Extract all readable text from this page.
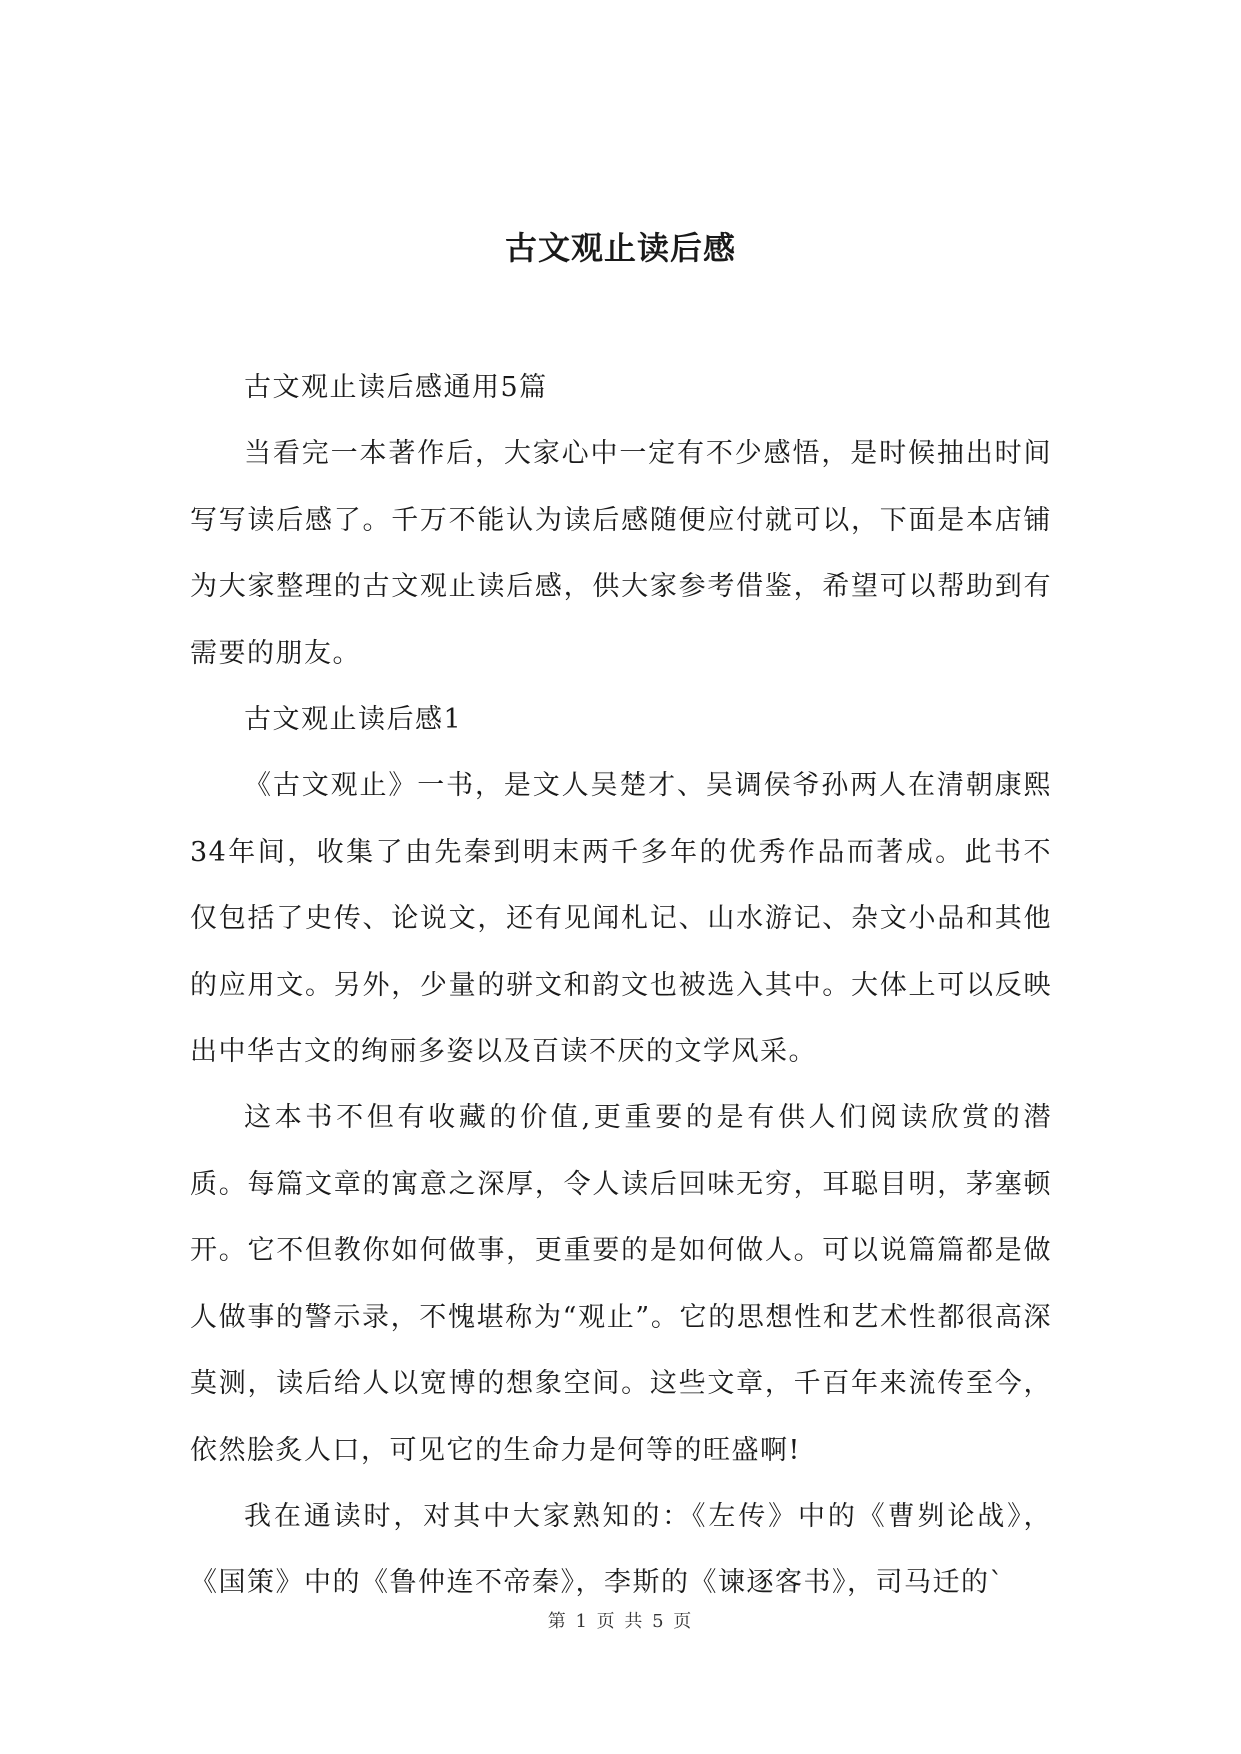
古文观止读后感

古文观止读后感通用5篇

当看完一本著作后，大家心中一定有不少感悟，是时候抽出时间写写读后感了。千万不能认为读后感随便应付就可以，下面是本店铺为大家整理的古文观止读后感，供大家参考借鉴，希望可以帮助到有需要的朋友。

古文观止读后感1

《古文观止》一书，是文人吴楚才、吴调侯爷孙两人在清朝康熙34年间，收集了由先秦到明末两千多年的优秀作品而著成。此书不仅包括了史传、论说文，还有见闻札记、山水游记、杂文小品和其他的应用文。另外，少量的骈文和韵文也被选入其中。大体上可以反映出中华古文的绚丽多姿以及百读不厌的文学风采。

这本书不但有收藏的价值,更重要的是有供人们阅读欣赏的潜质。每篇文章的寓意之深厚，令人读后回味无穷，耳聪目明，茅塞顿开。它不但教你如何做事，更重要的是如何做人。可以说篇篇都是做人做事的警示录，不愧堪称为“观止”。它的思想性和艺术性都很高深莫测，读后给人以宽博的想象空间。这些文章，千百年来流传至今，依然脍炙人口，可见它的生命力是何等的旺盛啊!

我在通读时，对其中大家熟知的：《左传》中的《曹刿论战》，《国策》中的《鲁仲连不帝秦》，李斯的《谏逐客书》，司马迁的`

第 1 页 共 5 页
